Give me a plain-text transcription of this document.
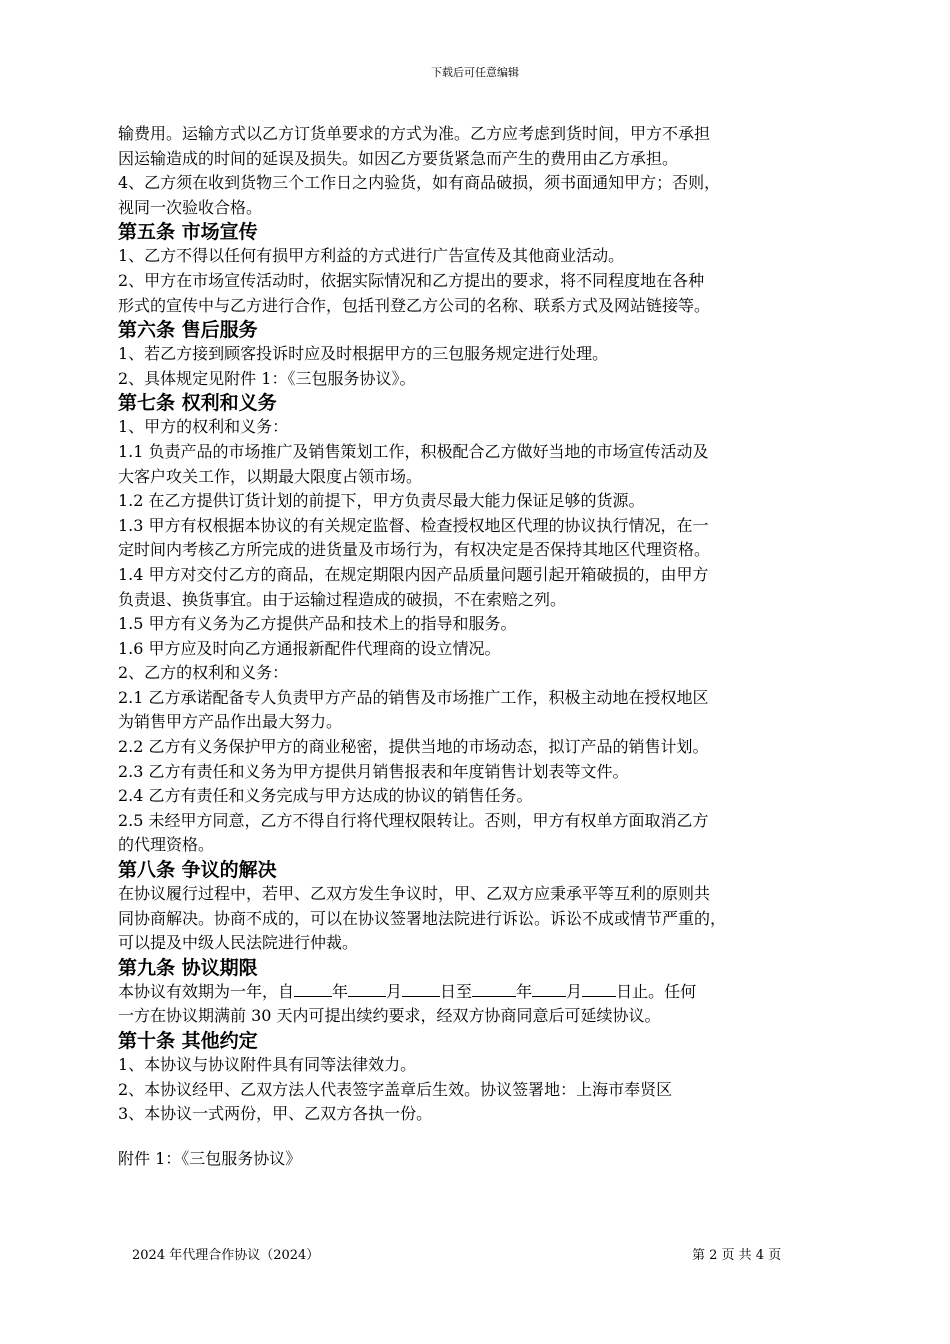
下载后可任意编辑

输费用。运输方式以乙方订货单要求的方式为准。乙方应考虑到货时间，甲方不承担

因运输造成的时间的延误及损失。如因乙方要货紧急而产生的费用由乙方承担。

4、乙方须在收到货物三个工作日之内验货，如有商品破损，须书面通知甲方；否则，

视同一次验收合格。

第五条 市场宣传

1、乙方不得以任何有损甲方利益的方式进行广告宣传及其他商业活动。

2、甲方在市场宣传活动时，依据实际情况和乙方提出的要求，将不同程度地在各种

形式的宣传中与乙方进行合作，包括刊登乙方公司的名称、联系方式及网站链接等。

第六条 售后服务

1、若乙方接到顾客投诉时应及时根据甲方的三包服务规定进行处理。

2、具体规定见附件 1：《三包服务协议》。

第七条 权利和义务

1、甲方的权利和义务：

1.1 负责产品的市场推广及销售策划工作，积极配合乙方做好当地的市场宣传活动及

大客户攻关工作，以期最大限度占领市场。

1.2 在乙方提供订货计划的前提下，甲方负责尽最大能力保证足够的货源。

1.3 甲方有权根据本协议的有关规定监督、检查授权地区代理的协议执行情况，在一

定时间内考核乙方所完成的进货量及市场行为，有权决定是否保持其地区代理资格。

1.4 甲方对交付乙方的商品，在规定期限内因产品质量问题引起开箱破损的，由甲方

负责退、换货事宜。由于运输过程造成的破损，不在索赔之列。

1.5 甲方有义务为乙方提供产品和技术上的指导和服务。

1.6 甲方应及时向乙方通报新配件代理商的设立情况。

2、乙方的权利和义务：

2.1 乙方承诺配备专人负责甲方产品的销售及市场推广工作，积极主动地在授权地区

为销售甲方产品作出最大努力。

2.2 乙方有义务保护甲方的商业秘密，提供当地的市场动态，拟订产品的销售计划。

2.3 乙方有责任和义务为甲方提供月销售报表和年度销售计划表等文件。

2.4 乙方有责任和义务完成与甲方达成的协议的销售任务。

2.5 未经甲方同意，乙方不得自行将代理权限转让。否则，甲方有权单方面取消乙方

的代理资格。

第八条 争议的解决

在协议履行过程中，若甲、乙双方发生争议时，甲、乙双方应秉承平等互利的原则共

同协商解决。协商不成的，可以在协议签署地法院进行诉讼。诉讼不成或情节严重的，

可以提及中级人民法院进行仲裁。

第九条 协议期限

本协议有效期为一年，自 年 月 日至	年 月 日止。任何

一方在协议期满前 30 天内可提出续约要求，经双方协商同意后可延续协议。

第十条 其他约定

1、本协议与协议附件具有同等法律效力。

2、本协议经甲、乙双方法人代表签字盖章后生效。协议签署地：上海市奉贤区

3、本协议一式两份，甲、乙双方各执一份。

附件 1：《三包服务协议》

2024 年代理合作协议（2024）	第 2 页 共 4 页
